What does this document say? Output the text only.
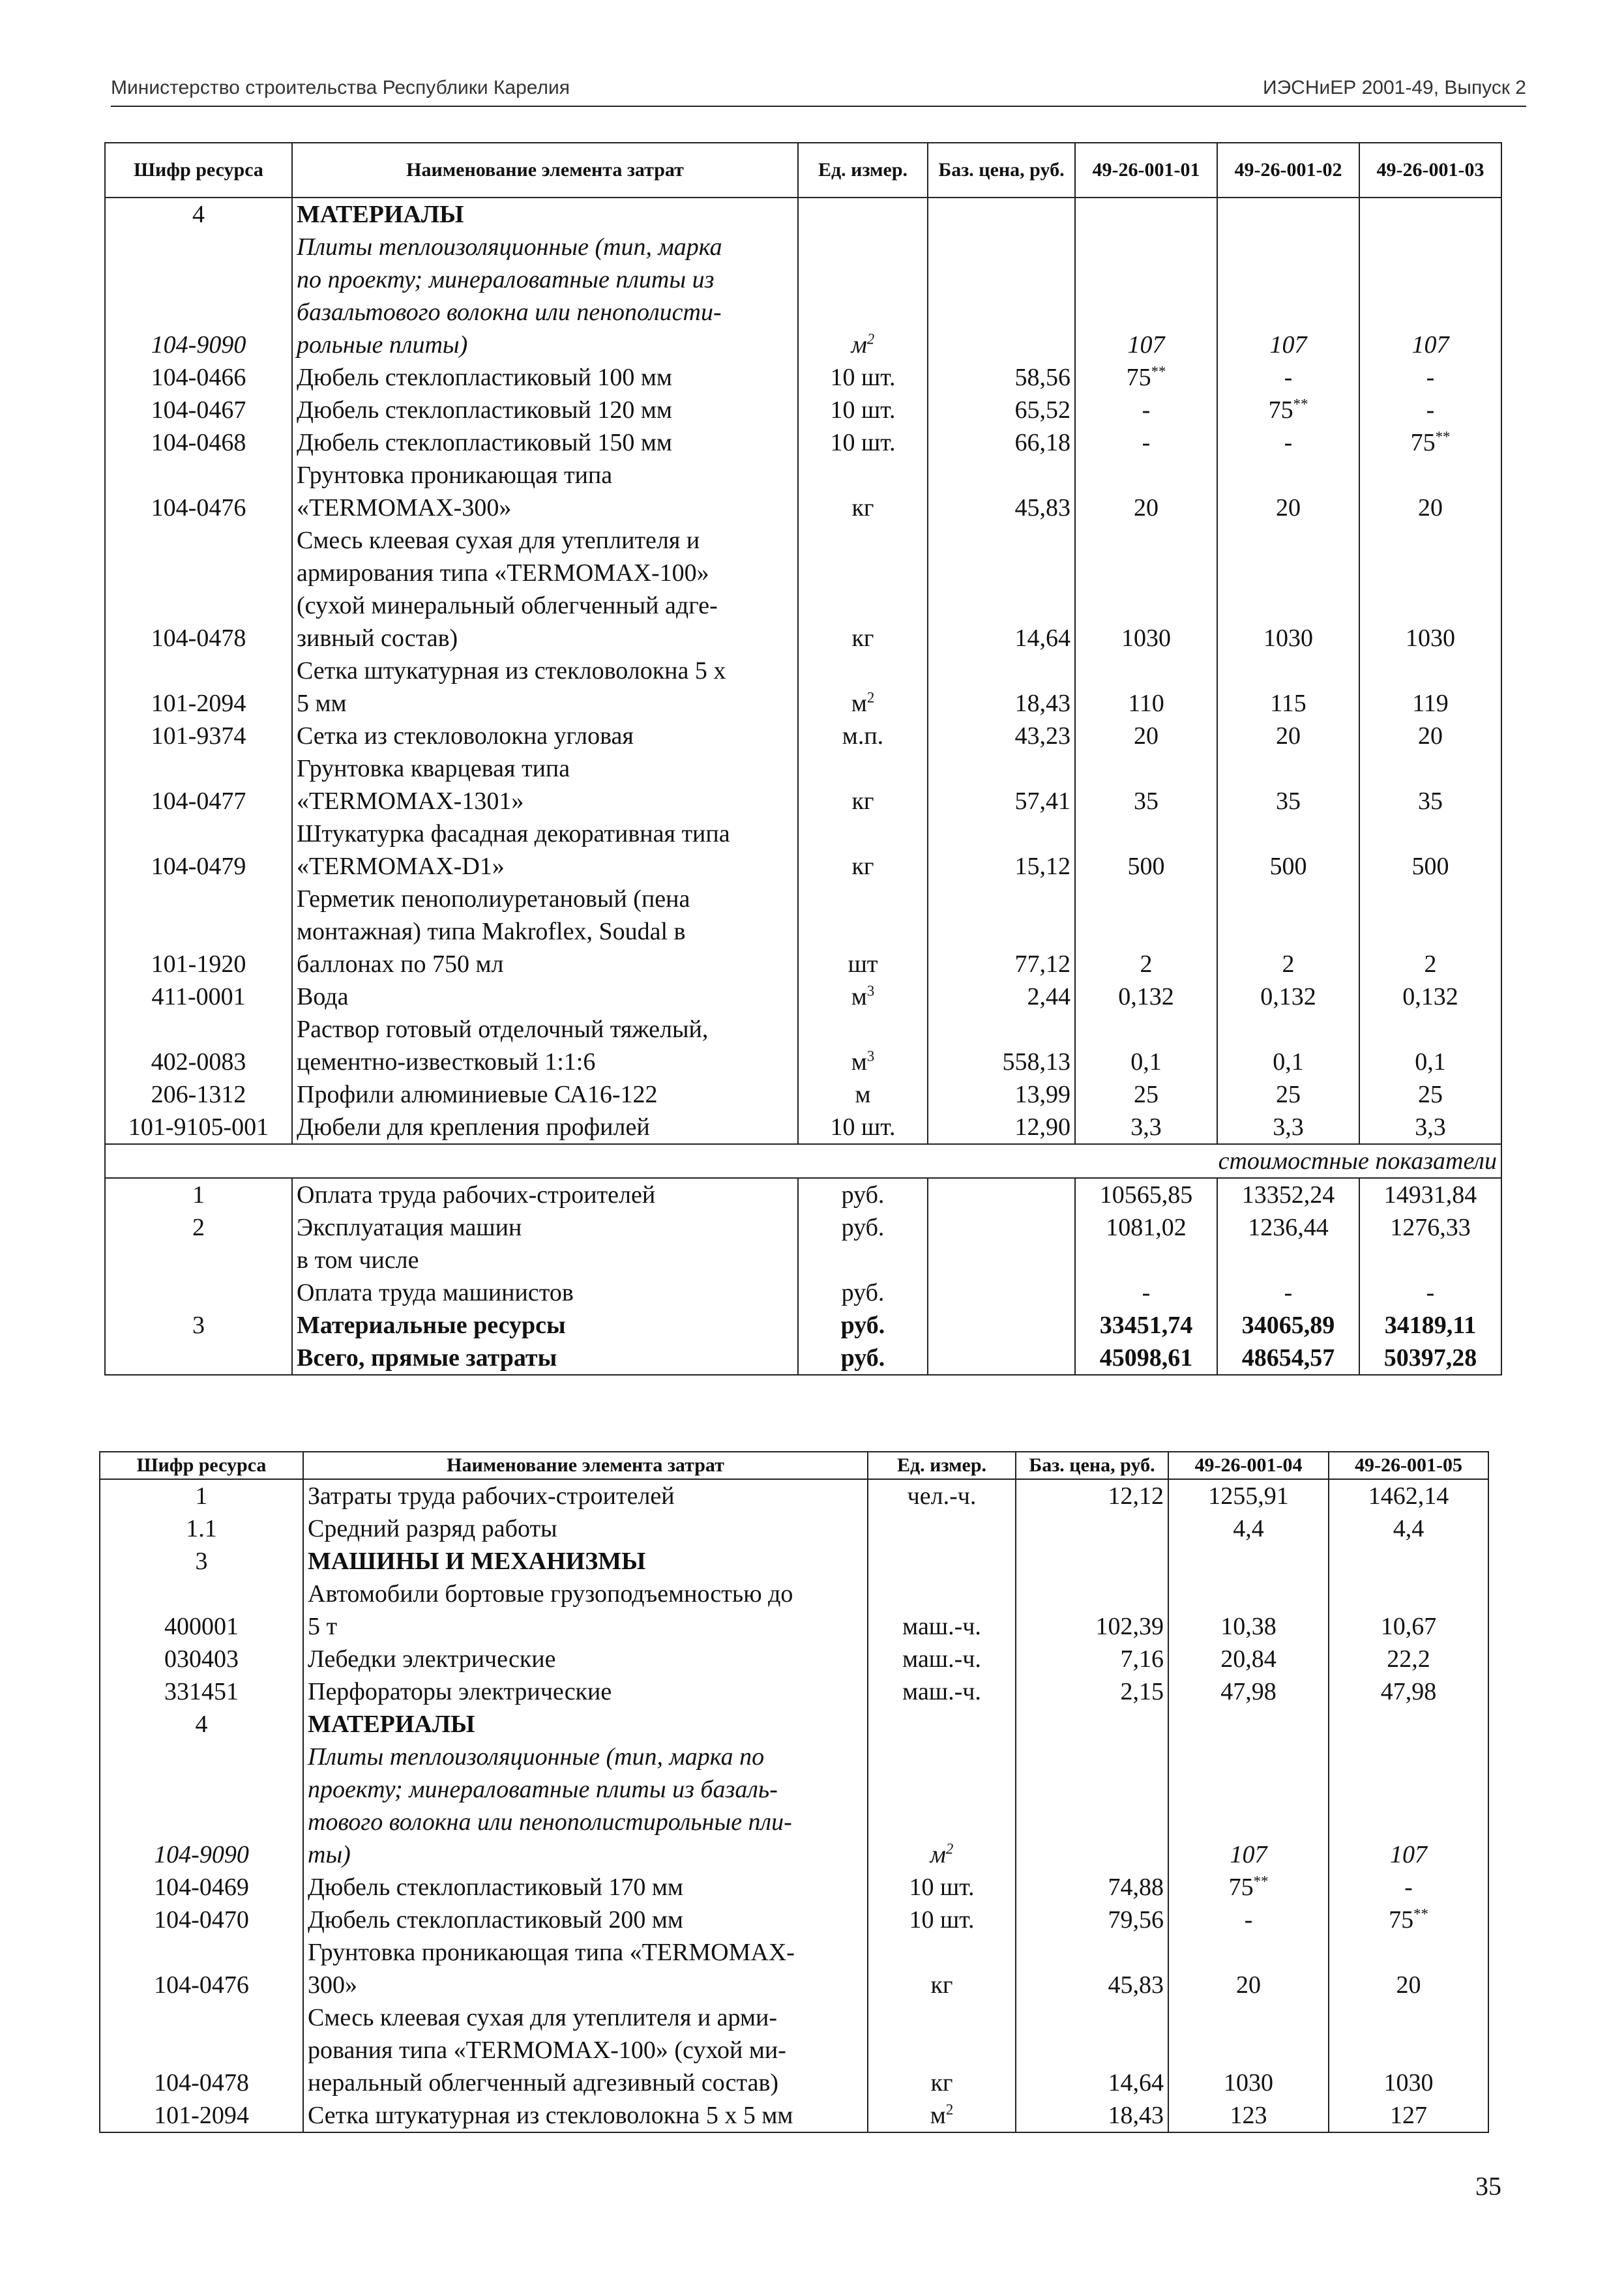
Министерство строительства Республики Карелия	ИЭСНиЕР 2001-49, Выпуск 2
Шифр ресурса	Наименование элемента затрат	Ед. измер.	Баз. цена, руб.	49-26-001-01	49-26-001-02	49-26-001-03
4	МАТЕРИАЛЫ					
104-9090	Плиты теплоизоляционные (тип, марка
по проекту; минераловатные плиты из
базальтового волокна или пенополисти-
рольные плиты)	$м^2$		107	107	107
104-0466	Дюбель стеклопластиковый 100 мм	10 шт.	58,56	75**	-	-
104-0467	Дюбель стеклопластиковый 120 мм	10 шт.	65,52	-	75**	-
104-0468	Дюбель стеклопластиковый 150 мм	10 шт.	66,18	-	-	75**
104-0476	Грунтовка проникающая типа
«TERMOMAX-300»	кг	45,83	20	20	20
104-0478	Смесь клеевая сухая для утеплителя и
армирования типа «TERMOMAX-100»
(сухой минеральный облегченный адге-
зивный состав)	кг	14,64	1030	1030	1030
101-2094	Сетка штукатурная из стекловолокна 5 х
5 мм	$м^2$	18,43	110	115	119
101-9374	Сетка из стекловолокна угловая	м.п.	43,23	20	20	20
104-0477	Грунтовка кварцевая типа
«TERMOMAX-1301»	кг	57,41	35	35	35
104-0479	Штукатурка фасадная декоративная типа
«TERMOMAX-D1»	кг	15,12	500	500	500
101-1920	Герметик пенополиуретановый (пена
монтажная) типа Makroflex, Soudal в
баллонах по 750 мл	шт	77,12	2	2	2
411-0001	Вода	$м^3$	2,44	0,132	0,132	0,132
402-0083	Раствор готовый отделочный тяжелый,
цементно-известковый 1:1:6	$м^3$	558,13	0,1	0,1	0,1
206-1312	Профили алюминиевые СА16-122	м	13,99	25	25	25
101-9105-001	Дюбели для крепления профилей	10 шт.	12,90	3,3	3,3	3,3
стоимостные показатели						
1	Оплата труда рабочих-строителей	руб.		10565,85	13352,24	14931,84
2	Эксплуатация машин	руб.		1081,02	1236,44	1276,33
	в том числе					
	Оплата труда машинистов	руб.		-	-	-
3	Материальные ресурсы	руб.		33451,74	34065,89	34189,11
	Всего, прямые затраты	руб.		45098,61	48654,57	50397,28
Шифр ресурса	Наименование элемента затрат	Ед. измер.	Баз. цена, руб.	49-26-001-04	49-26-001-05
1	Затраты труда рабочих-строителей	чел.-ч.	12,12	1255,91	1462,14
1.1	Средний разряд работы			4,4	4,4
3	МАШИНЫ И МЕХАНИЗМЫ				
400001	Автомобили бортовые грузоподъемностью до
5 т	маш.-ч.	102,39	10,38	10,67
030403	Лебедки электрические	маш.-ч.	7,16	20,84	22,2
331451	Перфораторы электрические	маш.-ч.	2,15	47,98	47,98
4	МАТЕРИАЛЫ				
104-9090	Плиты теплоизоляционные (тип, марка по
проекту; минераловатные плиты из базаль-
тового волокна или пенополистирольные пли-
ты)	$м^2$		107	107
104-0469	Дюбель стеклопластиковый 170 мм	10 шт.	74,88	75**	-
104-0470	Дюбель стеклопластиковый 200 мм	10 шт.	79,56	-	75**
104-0476	Грунтовка проникающая типа «TERMOMAX-
300»	кг	45,83	20	20
104-0478	Смесь клеевая сухая для утеплителя и арми-
рования типа «TERMOMAX-100» (сухой ми-
неральный облегченный адгезивный состав)	кг	14,64	1030	1030
101-2094	Сетка штукатурная из стекловолокна 5 х 5 мм	$м^2$	18,43	123	127
35
